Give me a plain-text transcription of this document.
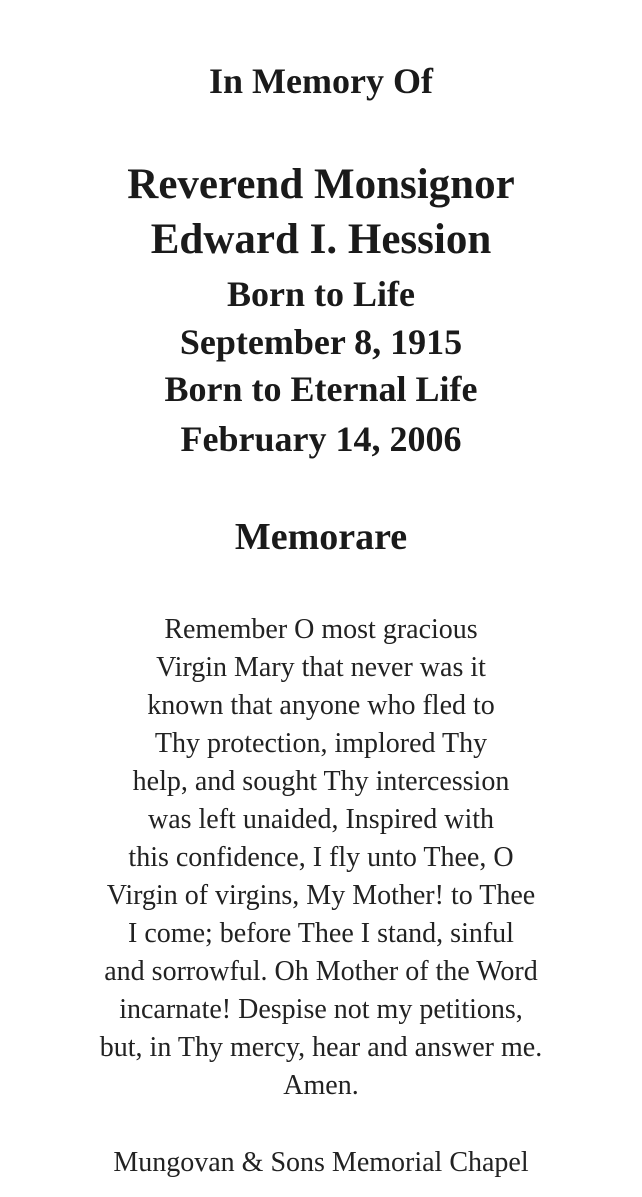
In Memory Of
Reverend Monsignor
Edward I. Hession
Born to Life
September 8, 1915
Born to Eternal Life
February 14, 2006
Memorare
Remember O most gracious
Virgin Mary that never was it
known that anyone who fled to
Thy protection, implored Thy
help, and sought Thy intercession
was left unaided, Inspired with
this confidence, I fly unto Thee, O
Virgin of virgins, My Mother! to Thee
I come; before Thee I stand, sinful
and sorrowful. Oh Mother of the Word
incarnate! Despise not my petitions,
but, in Thy mercy, hear and answer me.
Amen.
Mungovan & Sons Memorial Chapel
